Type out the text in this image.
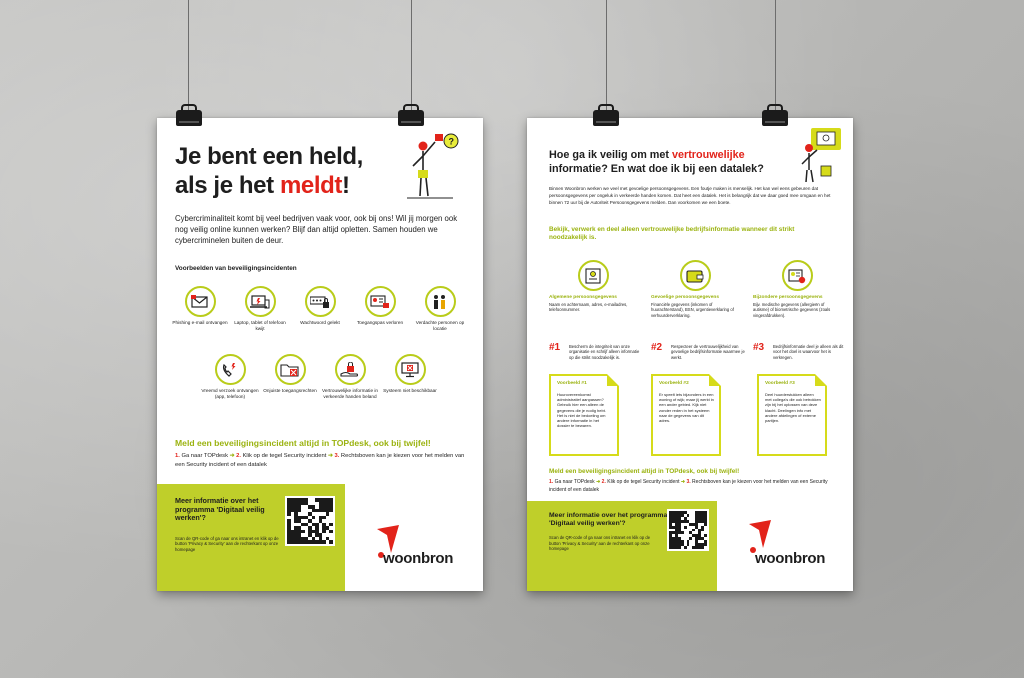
Je bent een held,
als je het meldt!
?
Cybercriminaliteit komt bij veel bedrijven vaak voor, ook bij ons! Wil jij morgen ook nog veilig online kunnen werken? Blijf dan altijd opletten. Samen houden we cybercriminelen buiten de deur.
Voorbeelden van beveiligingsincidenten
Phishing e-mail ontvangen	Laptop, tablet of telefoon kwijt
Wachtwoord gelekt	Toegangspas verloren	Verdachte personen op locatie
Vreemd verzoek ontvangen (app, telefoon)
Onjuiste toegangsrechten	Vertrouwelijke informatie in verkeerde handen beland
Systeem niet beschikbaar
Meld een beveiligingsincident altijd in TOPdesk, ook bij twijfel!
1. Ga naar TOPdesk ➜ 2. Klik op de tegel Security incident ➜ 3. Rechtsboven kan je kiezen voor het melden van een Security incident of een datalek
Meer informatie over het programma 'Digitaal veilig werken'?
Scan de QR-code of ga naar ons intranet en klik op de button 'Privacy & Security' aan de rechterkant op onze homepage
woonbron
Hoe ga ik veilig om met vertrouwelijke
informatie? En wat doe ik bij een datalek?
Binnen Woonbron werken we veel met gevoelige persoonsgegevens. Een foutje maken is menselijk. Het kan wel eens gebeuren dat persoonsgegevens per ongeluk in verkeerde handen komen. Dat heet een datalek. Het is belangrijk dat we daar goed mee omgaan en het binnen 72 uur bij de Autoriteit Persoonsgegevens melden. Dan voorkomen we een boete.
Bekijk, verwerk en deel alleen vertrouwelijke bedrijfsinformatie wanneer dit strikt noodzakelijk is.
Algemene persoonsgegevens
Naam en achternaam, adres, e-mailadres, telefoonnummer.
Gevoelige persoonsgegevens
Financiële gegevens (inkomen of huurachterstand), BSN, urgentieverklaring of verhuurderverklaring.
Bijzondere persoonsgegevens
Bijv. medische gegevens (allergieën of autisme) of biometrische gegevens (zoals vingerafdrukken).
#1 Bescherm de integriteit van onze organisatie en schrijf alleen informatie op die strikt noodzakelijk is.
#2 Respecteer de vertrouwelijkheid van gevoelige bedrijfsinformatie waarmee je werkt.
#3 Bedrijfsinformatie deel je alleen als dit voor het doel is waarvoor het is verkregen.
Voorbeeld #1
Huurovereenkomst administratief aanpassen? Gebruik hier een alleen de gegevens die je nodig hebt. Het is niet de bedoeling om andere informatie in het dossier te bewaren.
Voorbeeld #2
Er speelt iets bijzonders in een woning of wijk; maar jij werkt in een ander gebied. Kijk niet zonder reden in het systeem naar de gegevens van dit adres.
Voorbeeld #3
Deel huurderstukken alleen met collega's die ook betrokken zijn bij het oplossen van deze klacht. Deelingen info met andere afdelingen of externe partijen.
Meld een beveiligingsincident altijd in TOPdesk, ook bij twijfel!
1. Ga naar TOPdesk ➜ 2. Klik op de tegel Security incident ➜ 3. Rechtsboven kan je kiezen voor het melden van een Security incident of een datalek
Meer informatie over het programma 'Digitaal veilig werken'?
Scan de QR-code of ga naar ons intranet en klik op de button 'Privacy & Security' aan de rechterkant op onze homepage
woonbron
